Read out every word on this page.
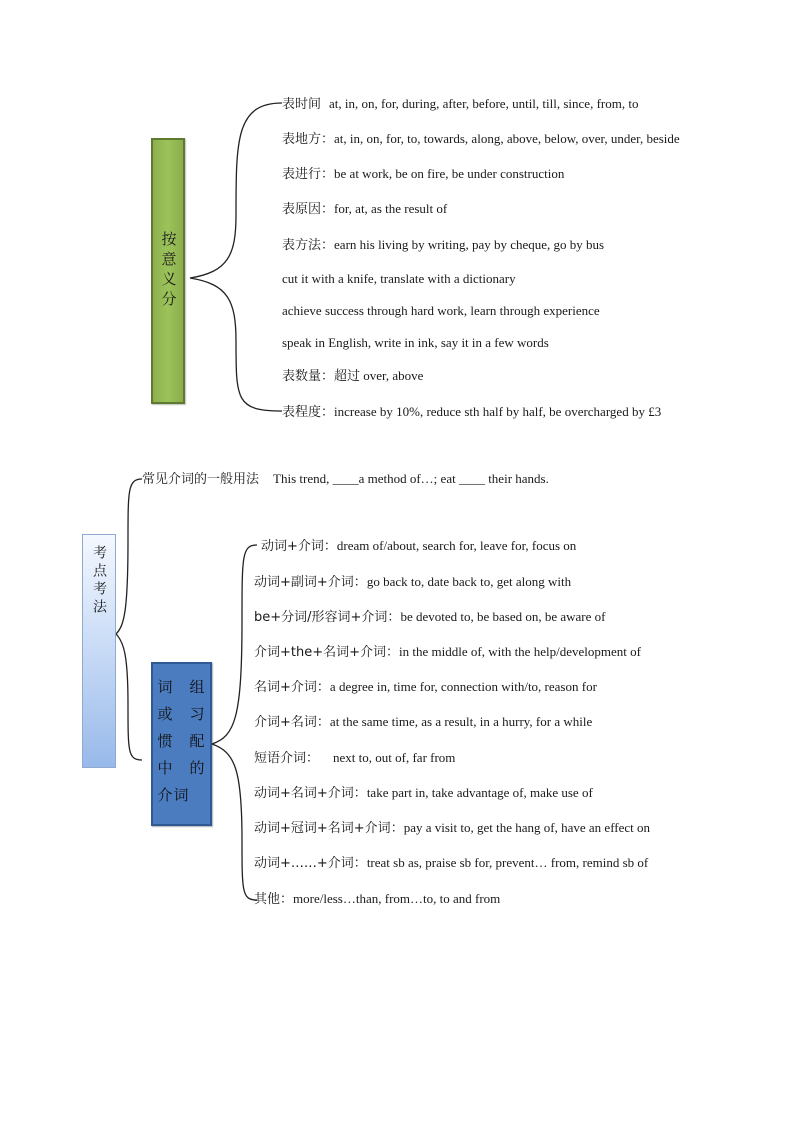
按意义分
考点考法
词组
或习
惯配
中的
介词
表时间 at, in, on, for, during, after, before, until, till, since, from, to
表地方：at, in, on, for, to, towards, along, above, below, over, under, beside
表进行：be at work, be on fire, be under construction
表原因：for, at, as the result of
表方法：earn his living by writing, pay by cheque, go by bus
cut it with a knife, translate with a dictionary
achieve success through hard work, learn through experience
speak in English, write in ink, say it in a few words
表数量：超过 over, above
表程度：increase by 10%, reduce sth half by half, be overcharged by £3
常见介词的一般用法 This trend, ____a method of…; eat ____ their hands.
动词+介词：dream of/about, search for, leave for, focus on
动词+副词+介词：go back to, date back to, get along with
be+分词/形容词+介词：be devoted to, be based on, be aware of
介词+the+名词+介词：in the middle of, with the help/development of
名词+介词：a degree in, time for, connection with/to, reason for
介词+名词：at the same time, as a result, in a hurry, for a while
短语介词： next to, out of, far from
动词+名词+介词：take part in, take advantage of, make use of
动词+冠词+名词+介词：pay a visit to, get the hang of, have an effect on
动词+……+介词：treat sb as, praise sb for, prevent… from, remind sb of
其他：more/less…than, from…to, to and from
